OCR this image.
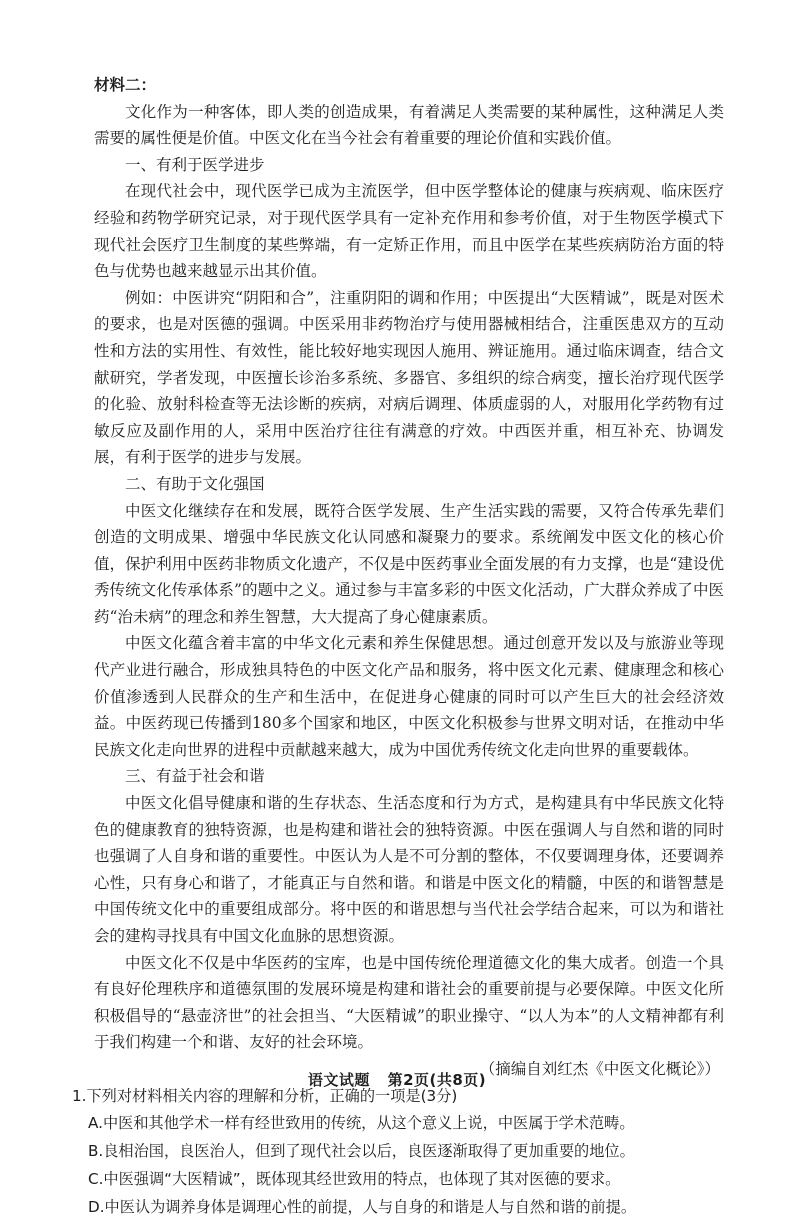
材料二：

文化作为一种客体，即人类的创造成果，有着满足人类需要的某种属性，这种满足人类需要的属性便是价值。中医文化在当今社会有着重要的理论价值和实践价值。

一、有利于医学进步

在现代社会中，现代医学已成为主流医学，但中医学整体论的健康与疾病观、临床医疗经验和药物学研究记录，对于现代医学具有一定补充作用和参考价值，对于生物医学模式下现代社会医疗卫生制度的某些弊端，有一定矫正作用，而且中医学在某些疾病防治方面的特色与优势也越来越显示出其价值。

例如：中医讲究“阴阳和合”，注重阴阳的调和作用；中医提出“大医精诚”，既是对医术的要求，也是对医德的强调。中医采用非药物治疗与使用器械相结合，注重医患双方的互动性和方法的实用性、有效性，能比较好地实现因人施用、辨证施用。通过临床调查，结合文献研究，学者发现，中医擅长诊治多系统、多器官、多组织的综合病变，擅长治疗现代医学的化验、放射科检查等无法诊断的疾病，对病后调理、体质虚弱的人，对服用化学药物有过敏反应及副作用的人，采用中医治疗往往有满意的疗效。中西医并重，相互补充、协调发展，有利于医学的进步与发展。

二、有助于文化强国

中医文化继续存在和发展，既符合医学发展、生产生活实践的需要，又符合传承先辈们创造的文明成果、增强中华民族文化认同感和凝聚力的要求。系统阐发中医文化的核心价值，保护利用中医药非物质文化遗产，不仅是中医药事业全面发展的有力支撑，也是“建设优秀传统文化传承体系”的题中之义。通过参与丰富多彩的中医文化活动，广大群众养成了中医药“治未病”的理念和养生智慧，大大提高了身心健康素质。

中医文化蕴含着丰富的中华文化元素和养生保健思想。通过创意开发以及与旅游业等现代产业进行融合，形成独具特色的中医文化产品和服务，将中医文化元素、健康理念和核心价值渗透到人民群众的生产和生活中，在促进身心健康的同时可以产生巨大的社会经济效益。中医药现已传播到180多个国家和地区，中医文化积极参与世界文明对话，在推动中华民族文化走向世界的进程中贡献越来越大，成为中国优秀传统文化走向世界的重要载体。

三、有益于社会和谐

中医文化倡导健康和谐的生存状态、生活态度和行为方式，是构建具有中华民族文化特色的健康教育的独特资源，也是构建和谐社会的独特资源。中医在强调人与自然和谐的同时也强调了人自身和谐的重要性。中医认为人是不可分割的整体，不仅要调理身体，还要调养心性，只有身心和谐了，才能真正与自然和谐。和谐是中医文化的精髓，中医的和谐智慧是中国传统文化中的重要组成部分。将中医的和谐思想与当代社会学结合起来，可以为和谐社会的建构寻找具有中国文化血脉的思想资源。

中医文化不仅是中华医药的宝库，也是中国传统伦理道德文化的集大成者。创造一个具有良好伦理秩序和道德氛围的发展环境是构建和谐社会的重要前提与必要保障。中医文化所积极倡导的“悬壶济世”的社会担当、“大医精诚”的职业操守、“以人为本”的人文精神都有利于我们构建一个和谐、友好的社会环境。

（摘编自刘红杰《中医文化概论》）

1.下列对材料相关内容的理解和分析，正确的一项是(3分)

A.中医和其他学术一样有经世致用的传统，从这个意义上说，中医属于学术范畴。

B.良相治国，良医治人，但到了现代社会以后，良医逐渐取得了更加重要的地位。

C.中医强调“大医精诚”，既体现其经世致用的特点，也体现了其对医德的要求。

D.中医认为调养身体是调理心性的前提，人与自身的和谐是人与自然和谐的前提。

语文试题 第2页(共8页)
